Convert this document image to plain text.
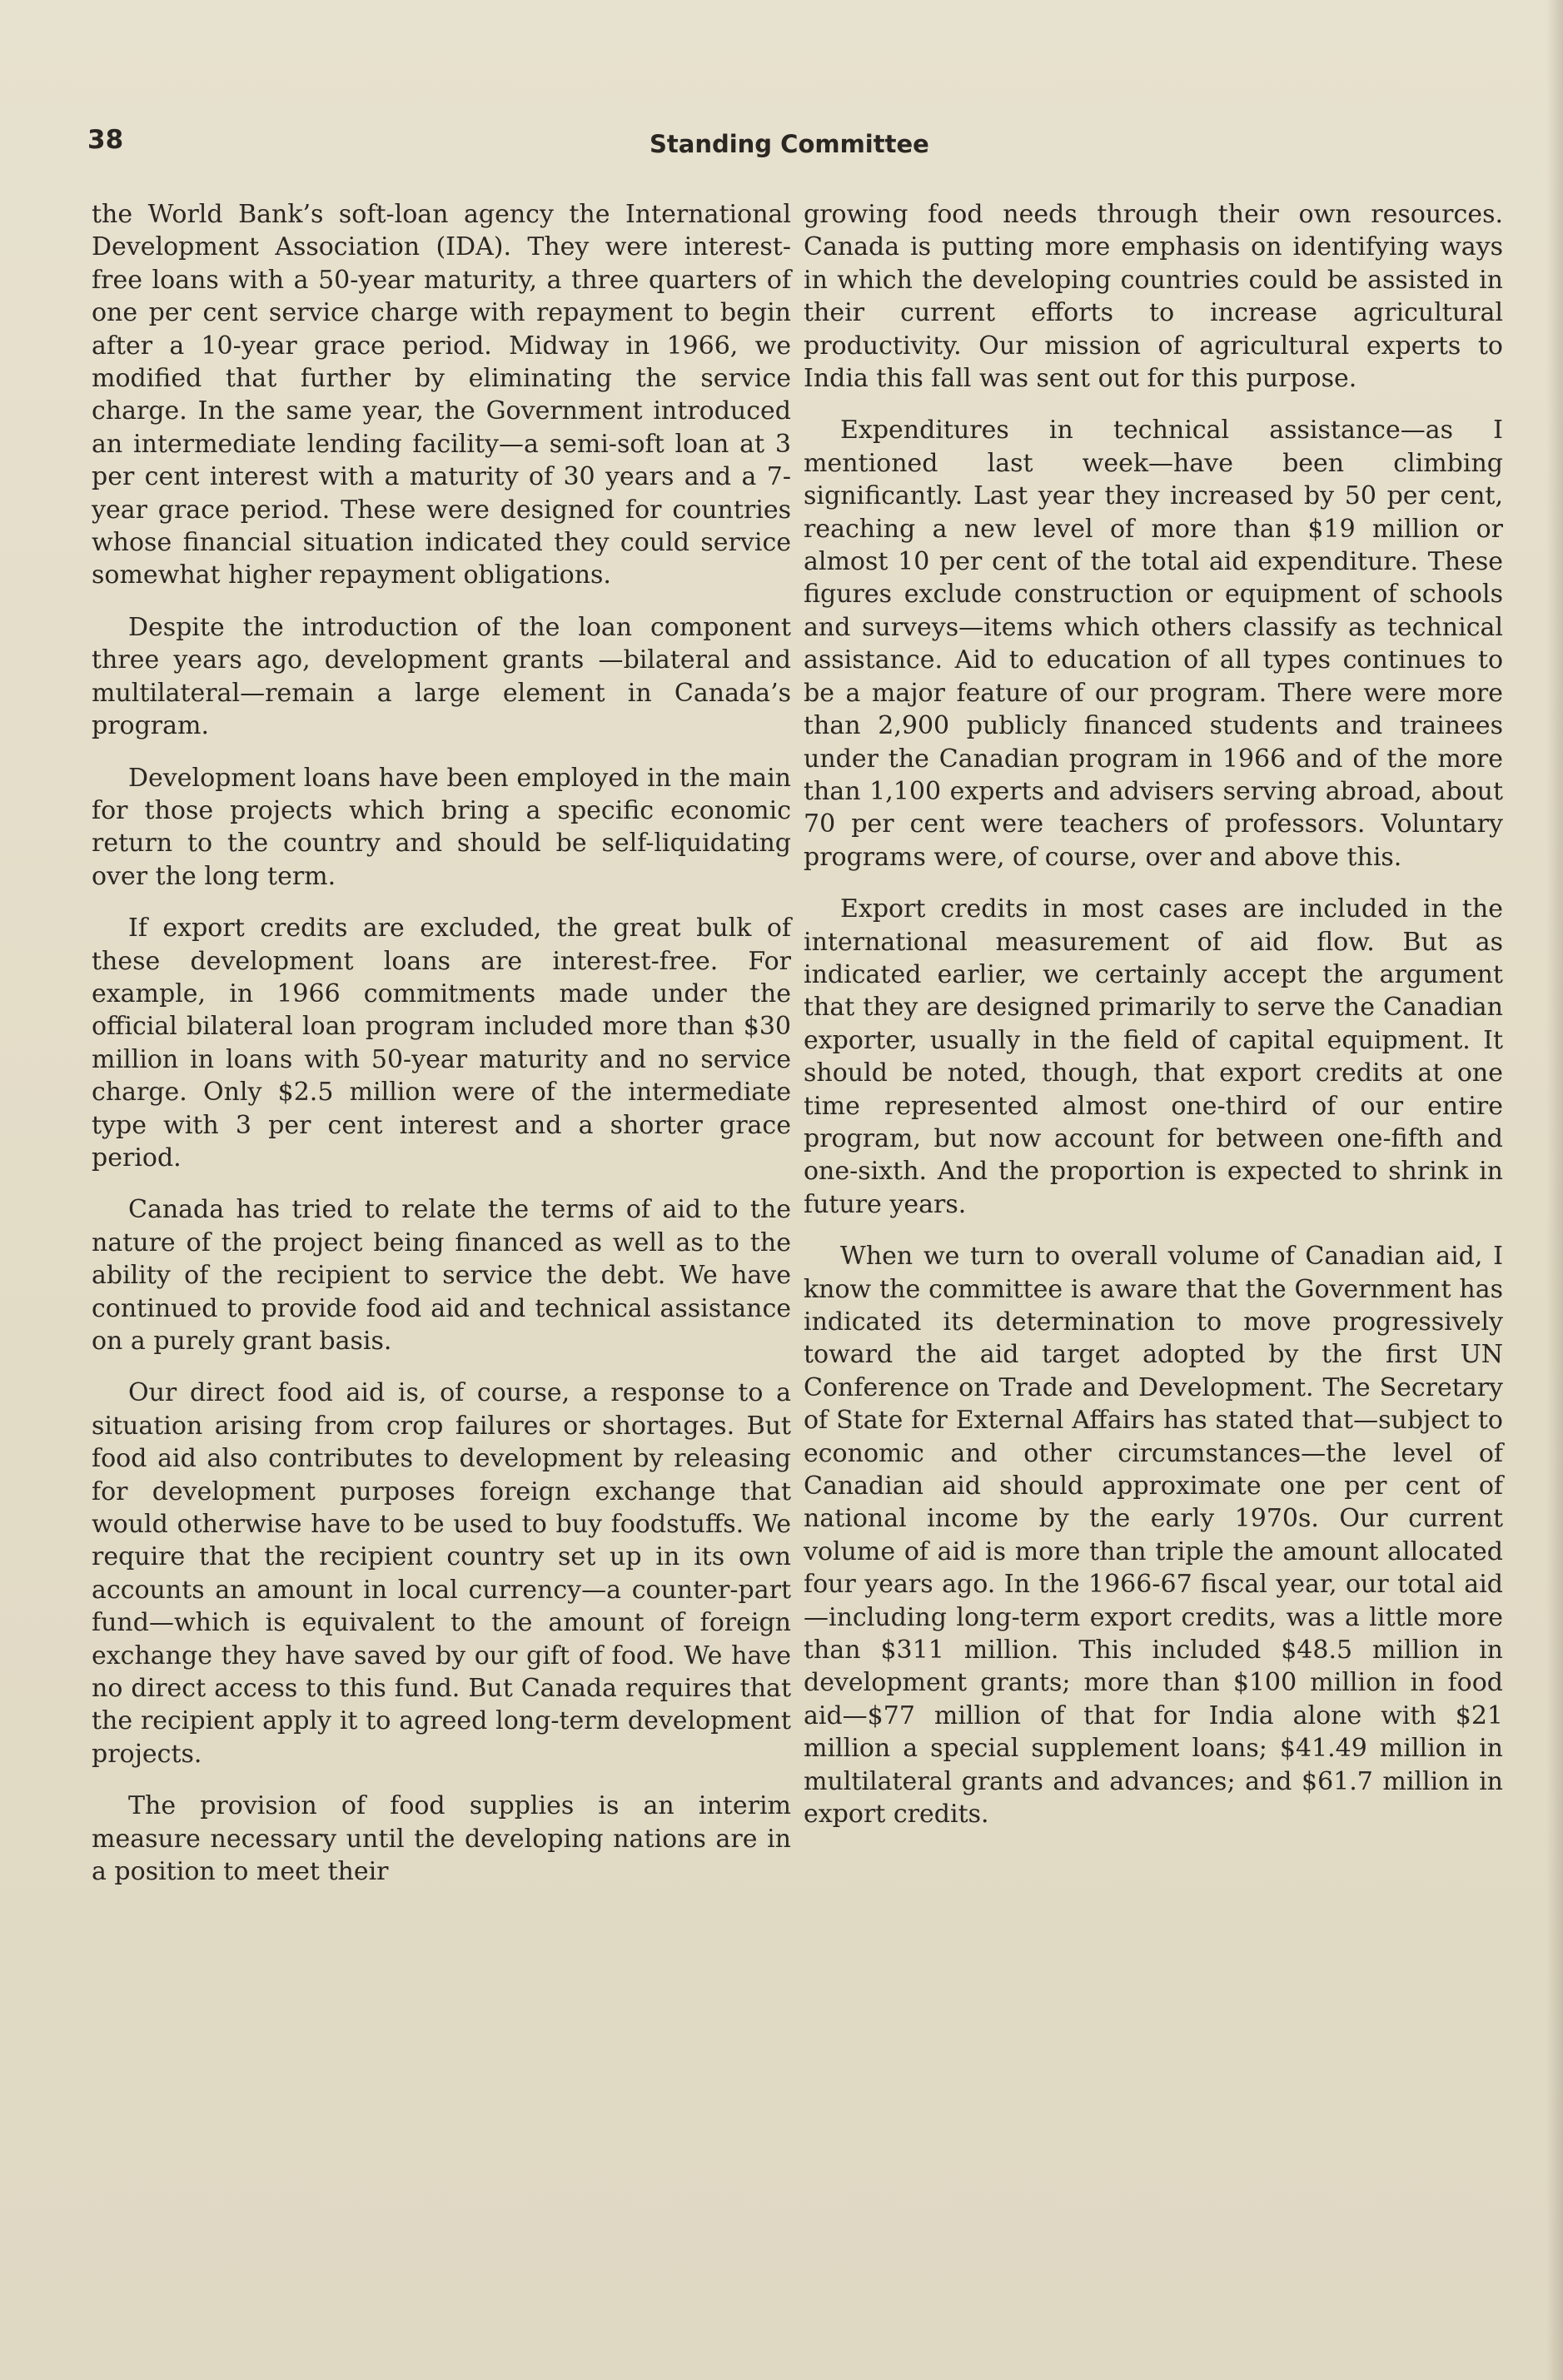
38	Standing Committee

the World Bank’s soft-loan agency the International Development Association (IDA). They were interest-free loans with a 50-year maturity, a three quarters of one per cent service charge with repayment to begin after a 10-year grace period. Midway in 1966, we modified that further by eliminating the service charge. In the same year, the Government introduced an intermediate lending facility—a semi-soft loan at 3 per cent interest with a maturity of 30 years and a 7-year grace period. These were designed for countries whose financial situation indicated they could service somewhat higher repayment obligations.

Despite the introduction of the loan component three years ago, development grants —bilateral and multilateral—remain a large element in Canada’s program.

Development loans have been employed in the main for those projects which bring a specific economic return to the country and should be self-liquidating over the long term.

If export credits are excluded, the great bulk of these development loans are interest-free. For example, in 1966 commitments made under the official bilateral loan program included more than $30 million in loans with 50-year maturity and no service charge. Only $2.5 million were of the intermediate type with 3 per cent interest and a shorter grace period.

Canada has tried to relate the terms of aid to the nature of the project being financed as well as to the ability of the recipient to service the debt. We have continued to provide food aid and technical assistance on a purely grant basis.

Our direct food aid is, of course, a response to a situation arising from crop failures or shortages. But food aid also contributes to development by releasing for development purposes foreign exchange that would otherwise have to be used to buy foodstuffs. We require that the recipient country set up in its own accounts an amount in local currency—a counter-part fund—which is equivalent to the amount of foreign exchange they have saved by our gift of food. We have no direct access to this fund. But Canada requires that the recipient apply it to agreed long-term development projects.

The provision of food supplies is an interim measure necessary until the developing nations are in a position to meet their

growing food needs through their own resources. Canada is putting more emphasis on identifying ways in which the developing countries could be assisted in their current efforts to increase agricultural productivity. Our mission of agricultural experts to India this fall was sent out for this purpose.

Expenditures in technical assistance—as I mentioned last week—have been climbing significantly. Last year they increased by 50 per cent, reaching a new level of more than $19 million or almost 10 per cent of the total aid expenditure. These figures exclude construction or equipment of schools and surveys—items which others classify as technical assistance. Aid to education of all types continues to be a major feature of our program. There were more than 2,900 publicly financed students and trainees under the Canadian program in 1966 and of the more than 1,100 experts and advisers serving abroad, about 70 per cent were teachers of professors. Voluntary programs were, of course, over and above this.

Export credits in most cases are included in the international measurement of aid flow. But as indicated earlier, we certainly accept the argument that they are designed primarily to serve the Canadian exporter, usually in the field of capital equipment. It should be noted, though, that export credits at one time represented almost one-third of our entire program, but now account for between one-fifth and one-sixth. And the proportion is expected to shrink in future years.

When we turn to overall volume of Canadian aid, I know the committee is aware that the Government has indicated its determination to move progressively toward the aid target adopted by the first UN Conference on Trade and Development. The Secretary of State for External Affairs has stated that—subject to economic and other circumstances—the level of Canadian aid should approximate one per cent of national income by the early 1970s. Our current volume of aid is more than triple the amount allocated four years ago. In the 1966-67 fiscal year, our total aid—including long-term export credits, was a little more than $311 million. This included $48.5 million in development grants; more than $100 million in food aid—$77 million of that for India alone with $21 million a special supplement loans; $41.49 million in multilateral grants and advances; and $61.7 million in export credits.
